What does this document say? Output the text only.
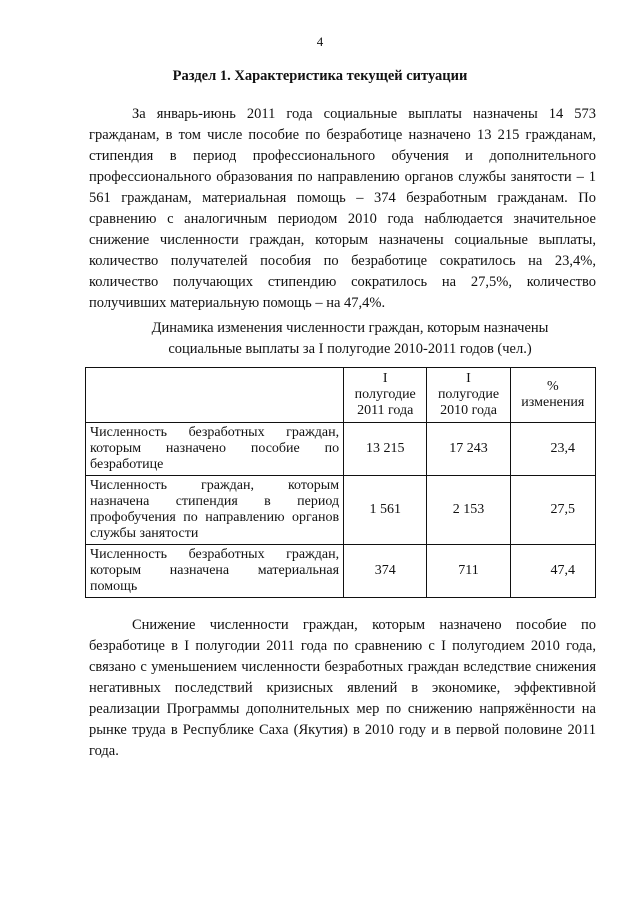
4
Раздел 1. Характеристика текущей ситуации

За январь-июнь 2011 года социальные выплаты назначены 14 573 гражданам, в том числе пособие по безработице назначено 13 215 гражданам, стипендия в период профессионального обучения и дополнительного профессионального образования по направлению органов службы занятости – 1 561 гражданам, материальная помощь – 374 безработным гражданам. По сравнению с аналогичным периодом 2010 года наблюдается значительное снижение численности граждан, которым назначены социальные выплаты, количество получателей пособия по безработице сократилось на 23,4%, количество получающих стипендию сократилось на 27,5%, количество получивших материальную помощь – на 47,4%.

Динамика изменения численности граждан, которым назначены
социальные выплаты за I полугодие 2010-2011 годов (чел.)

	I
полугодие
2011 года	I
полугодие
2010 года	%
изменения

Численность безработных граждан, которым назначено пособие по безработице	13 215	17 243	23,4
Численность граждан, которым назначена стипендия в период профобучения по направлению органов службы занятости	1 561	2 153	27,5
Численность безработных граждан, которым назначена материальная помощь	374	711	47,4

Снижение численности граждан, которым назначено пособие по безработице в I полугодии 2011 года по сравнению с I полугодием 2010 года, связано с уменьшением численности безработных граждан вследствие снижения негативных последствий кризисных явлений в экономике, эффективной реализации Программы дополнительных мер по снижению напряжённости на рынке труда в Республике Саха (Якутия) в 2010 году и в первой половине 2011 года.
